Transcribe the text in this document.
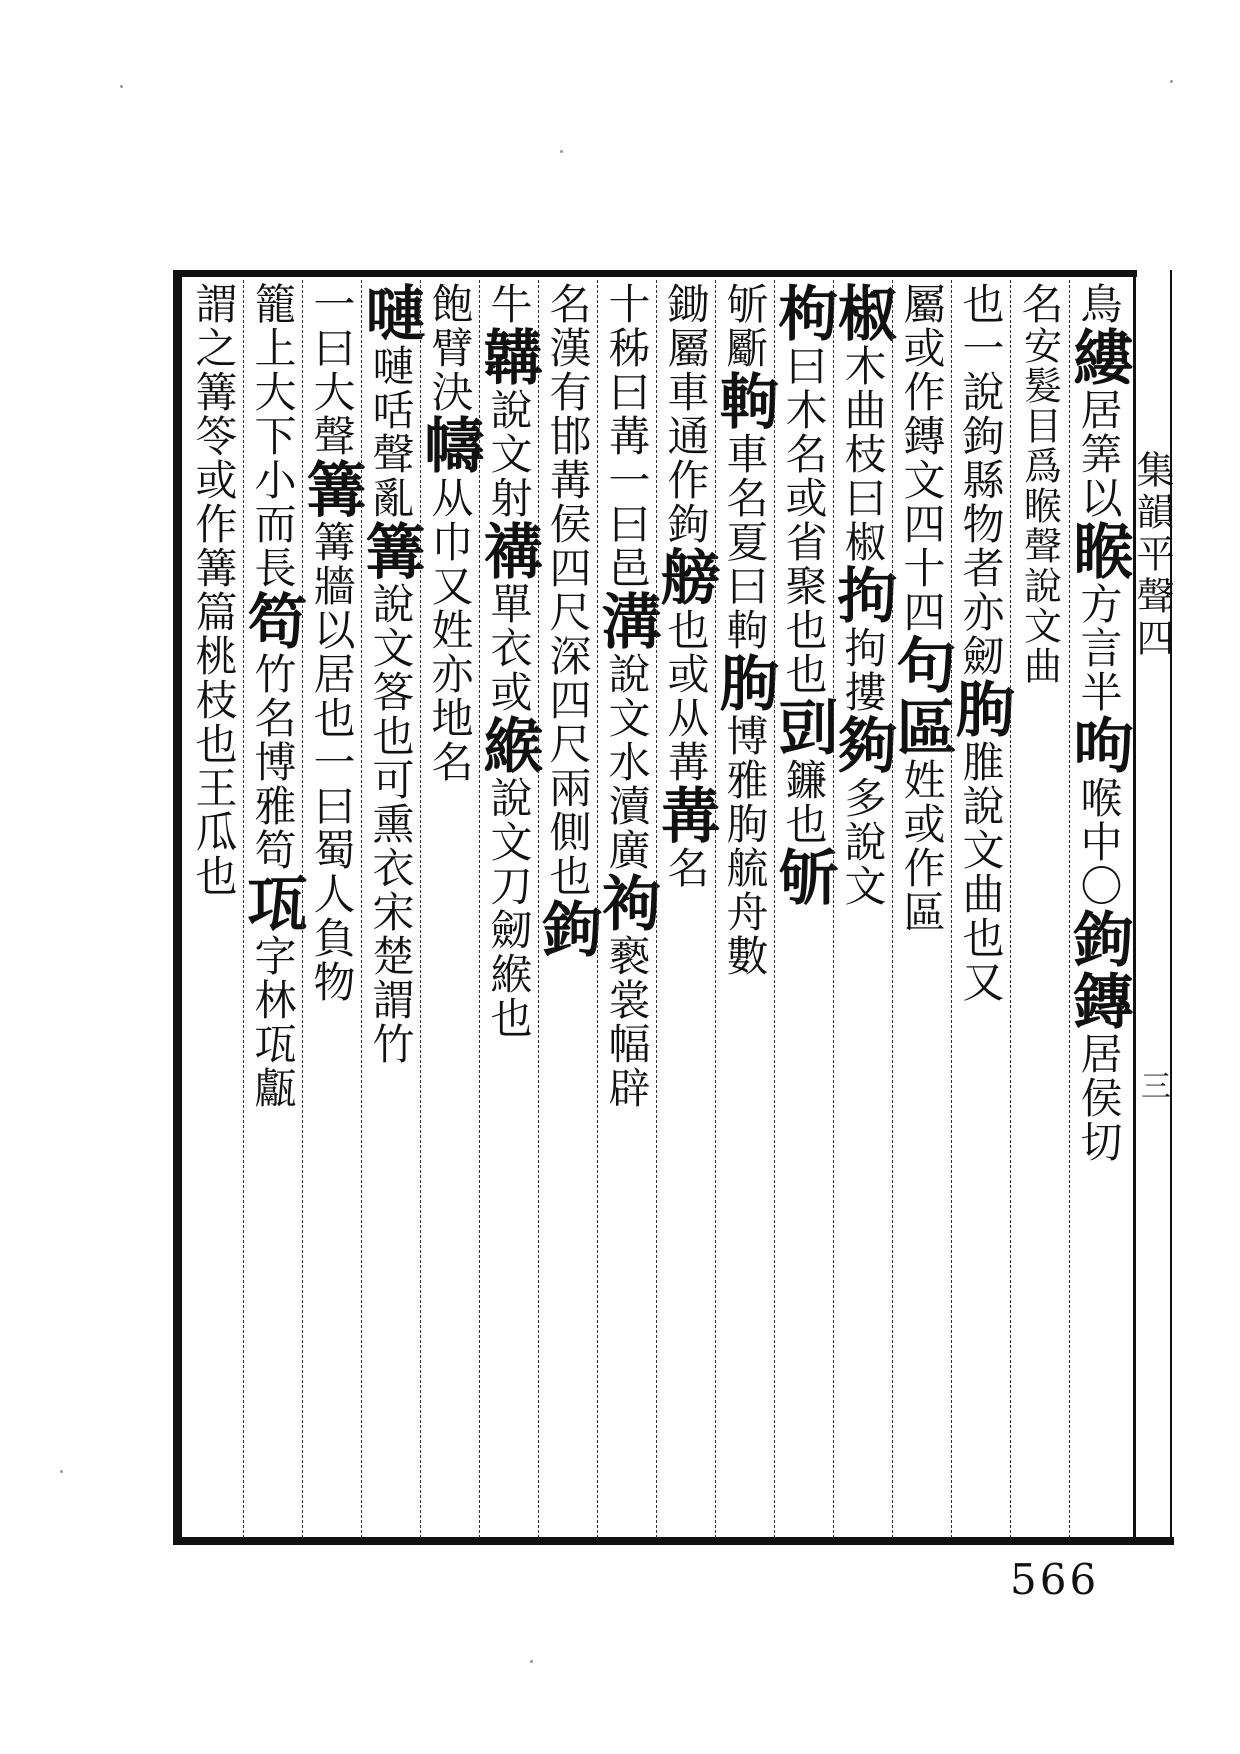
集韻平聲四
三
鳥縷居筭以睺方言半呴喉中〇鉤鏄居侯切
名安髮目爲睺聲說文曲
也一說鉤縣物者亦劒朐脽說文曲也又
屬或作鏄文四十四句區姓或作區
椒木曲枝曰椒拘拘摟夠多說文
枸曰木名或省聚也也剅鐮也斪
斪斸軥車名夏曰軥朐博雅朐艈舟數
鋤屬車通作鉤艕也或从冓冓名
十秭曰冓一曰邑溝說文水瀆廣袧褻裳幅辟
名漢有邯冓侯四尺深四尺兩側也鉤
牛韝說文射褠單衣或緱說文刀劒緱也
飽臂決幬从巾又姓亦地名
嗹嗹咶聲亂篝說文笿也可熏衣宋楚謂竹
一曰大聲篝篝牆以居也一曰蜀人負物
籠上大下小而長笱竹名博雅笱瓨字林瓨甗
謂之篝笭或作篝篇桃枝也王瓜也
566
